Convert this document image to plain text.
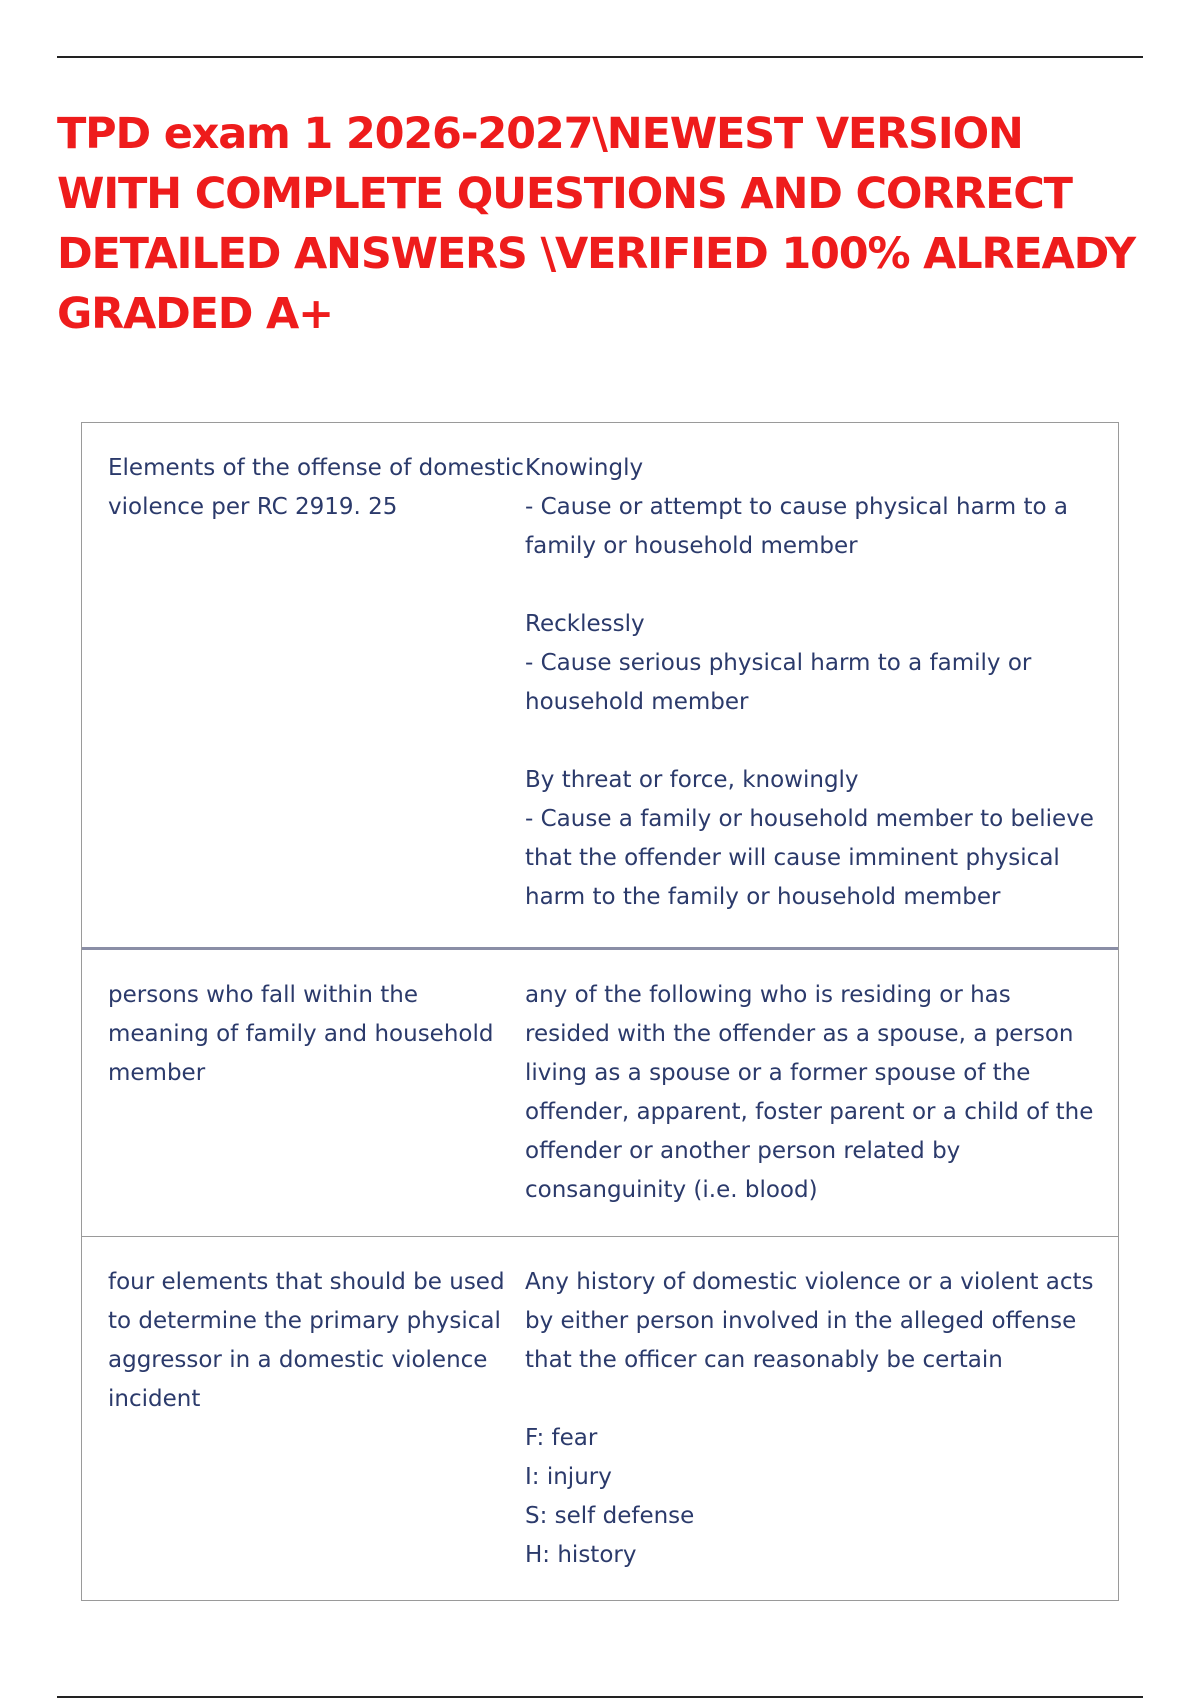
TPD exam 1 2026-2027\NEWEST VERSION WITH COMPLETE QUESTIONS AND CORRECT DETAILED ANSWERS \VERIFIED 100% ALREADY GRADED A+
Elements of the offense of domestic violence per RC 2919. 25

Knowingly
- Cause or attempt to cause physical harm to a family or household member

Recklessly
- Cause serious physical harm to a family or household member

By threat or force, knowingly
- Cause a family or household member to believe that the offender will cause imminent physical harm to the family or household member

persons who fall within the meaning of family and household member

any of the following who is residing or has resided with the offender as a spouse, a person living as a spouse or a former spouse of the offender, apparent, foster parent or a child of the offender or another person related by consanguinity (i.e. blood)

four elements that should be used to determine the primary physical aggressor in a domestic violence incident

Any history of domestic violence or a violent acts by either person involved in the alleged offense that the officer can reasonably be certain

F: fear
I: injury
S: self defense
H: history
